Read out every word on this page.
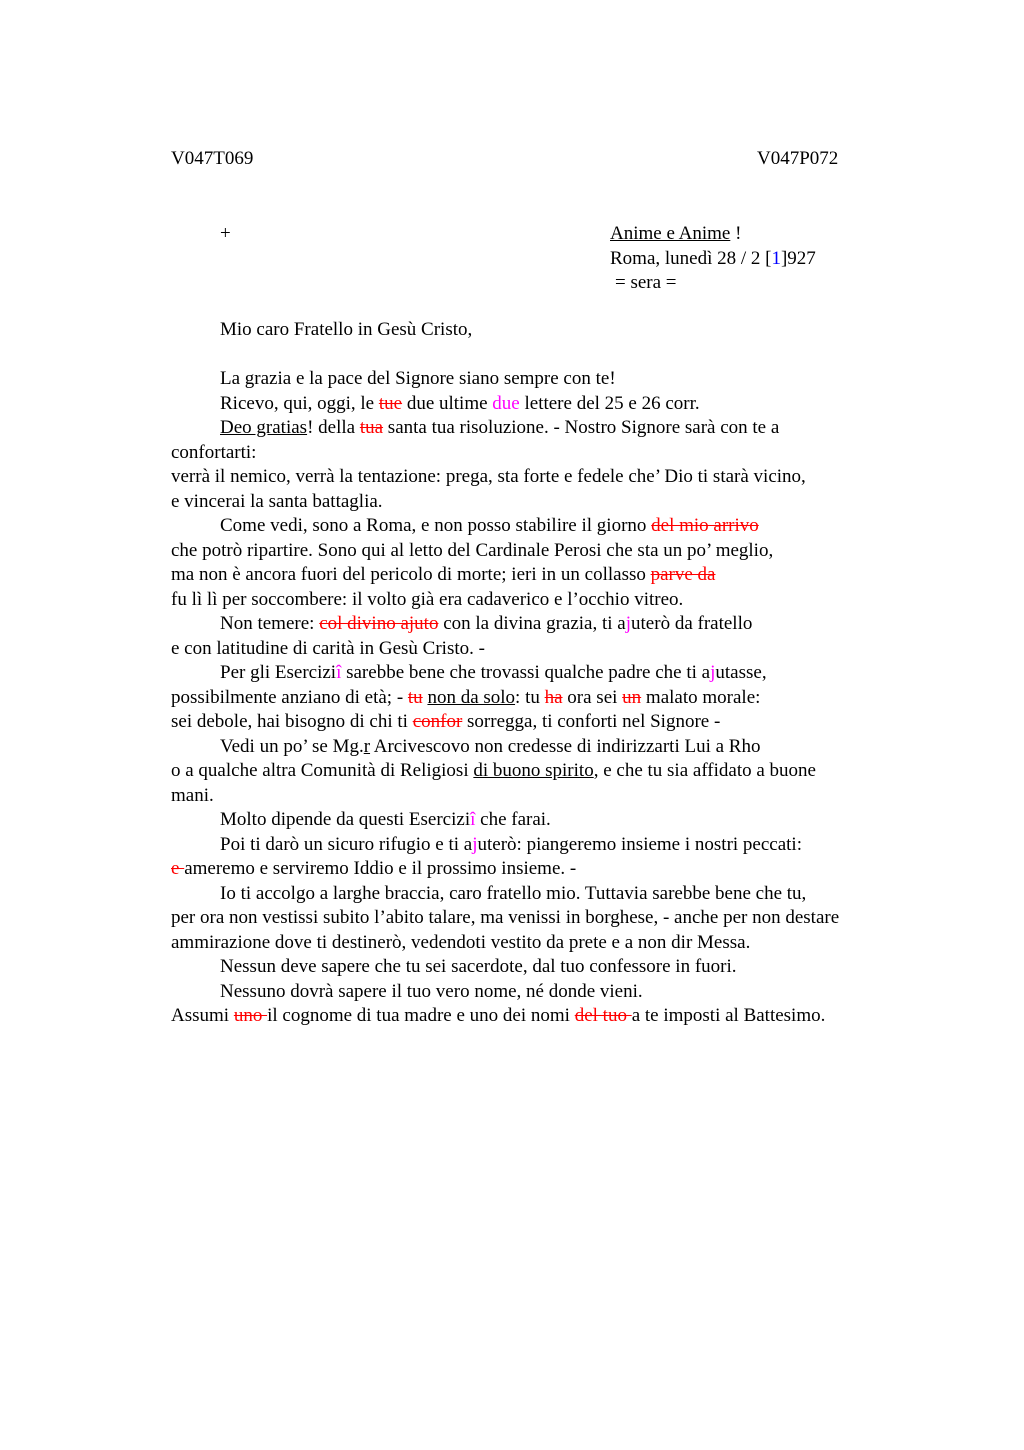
V047T069	V047P072
+	Anime e Anime !
Roma, lunedì 28 / 2 [1]927
= sera =
Mio caro Fratello in Gesù Cristo,
La grazia e la pace del Signore siano sempre con te!
Ricevo, qui, oggi, le tue due ultime due lettere del 25 e 26 corr.
Deo gratias! della tua santa tua risoluzione. - Nostro Signore sarà con te a
confortarti:
verrà il nemico, verrà la tentazione: prega, sta forte e fedele che’ Dio ti starà vicino,
e vincerai la santa battaglia.
Come vedi, sono a Roma, e non posso stabilire il giorno del mio arrivo
che potrò ripartire. Sono qui al letto del Cardinale Perosi che sta un po’ meglio,
ma non è ancora fuori del pericolo di morte; ieri in un collasso parve da
fu lì lì per soccombere: il volto già era cadaverico e l’occhio vitreo.
Non temere: col divino ajuto con la divina grazia, ti ajuterò da fratello
e con latitudine di carità in Gesù Cristo. -
Per gli Eserciziî sarebbe bene che trovassi qualche padre che ti ajutasse,
possibilmente anziano di età; - tu non da solo: tu ha ora sei un malato morale:
sei debole, hai bisogno di chi ti confor sorregga, ti conforti nel Signore -
Vedi un po’ se Mg.r Arcivescovo non credesse di indirizzarti Lui a Rho
o a qualche altra Comunità di Religiosi di buono spirito, e che tu sia affidato a buone
mani.
Molto dipende da questi Eserciziî che farai.
Poi ti darò un sicuro rifugio e ti ajuterò: piangeremo insieme i nostri peccati:
e ameremo e serviremo Iddio e il prossimo insieme. -
Io ti accolgo a larghe braccia, caro fratello mio. Tuttavia sarebbe bene che tu,
per ora non vestissi subito l’abito talare, ma venissi in borghese, - anche per non destare
ammirazione dove ti destinerò, vedendoti vestito da prete e a non dir Messa.
Nessun deve sapere che tu sei sacerdote, dal tuo confessore in fuori.
Nessuno dovrà sapere il tuo vero nome, né donde vieni.
Assumi uno il cognome di tua madre e uno dei nomi del tuo a te imposti al Battesimo.
